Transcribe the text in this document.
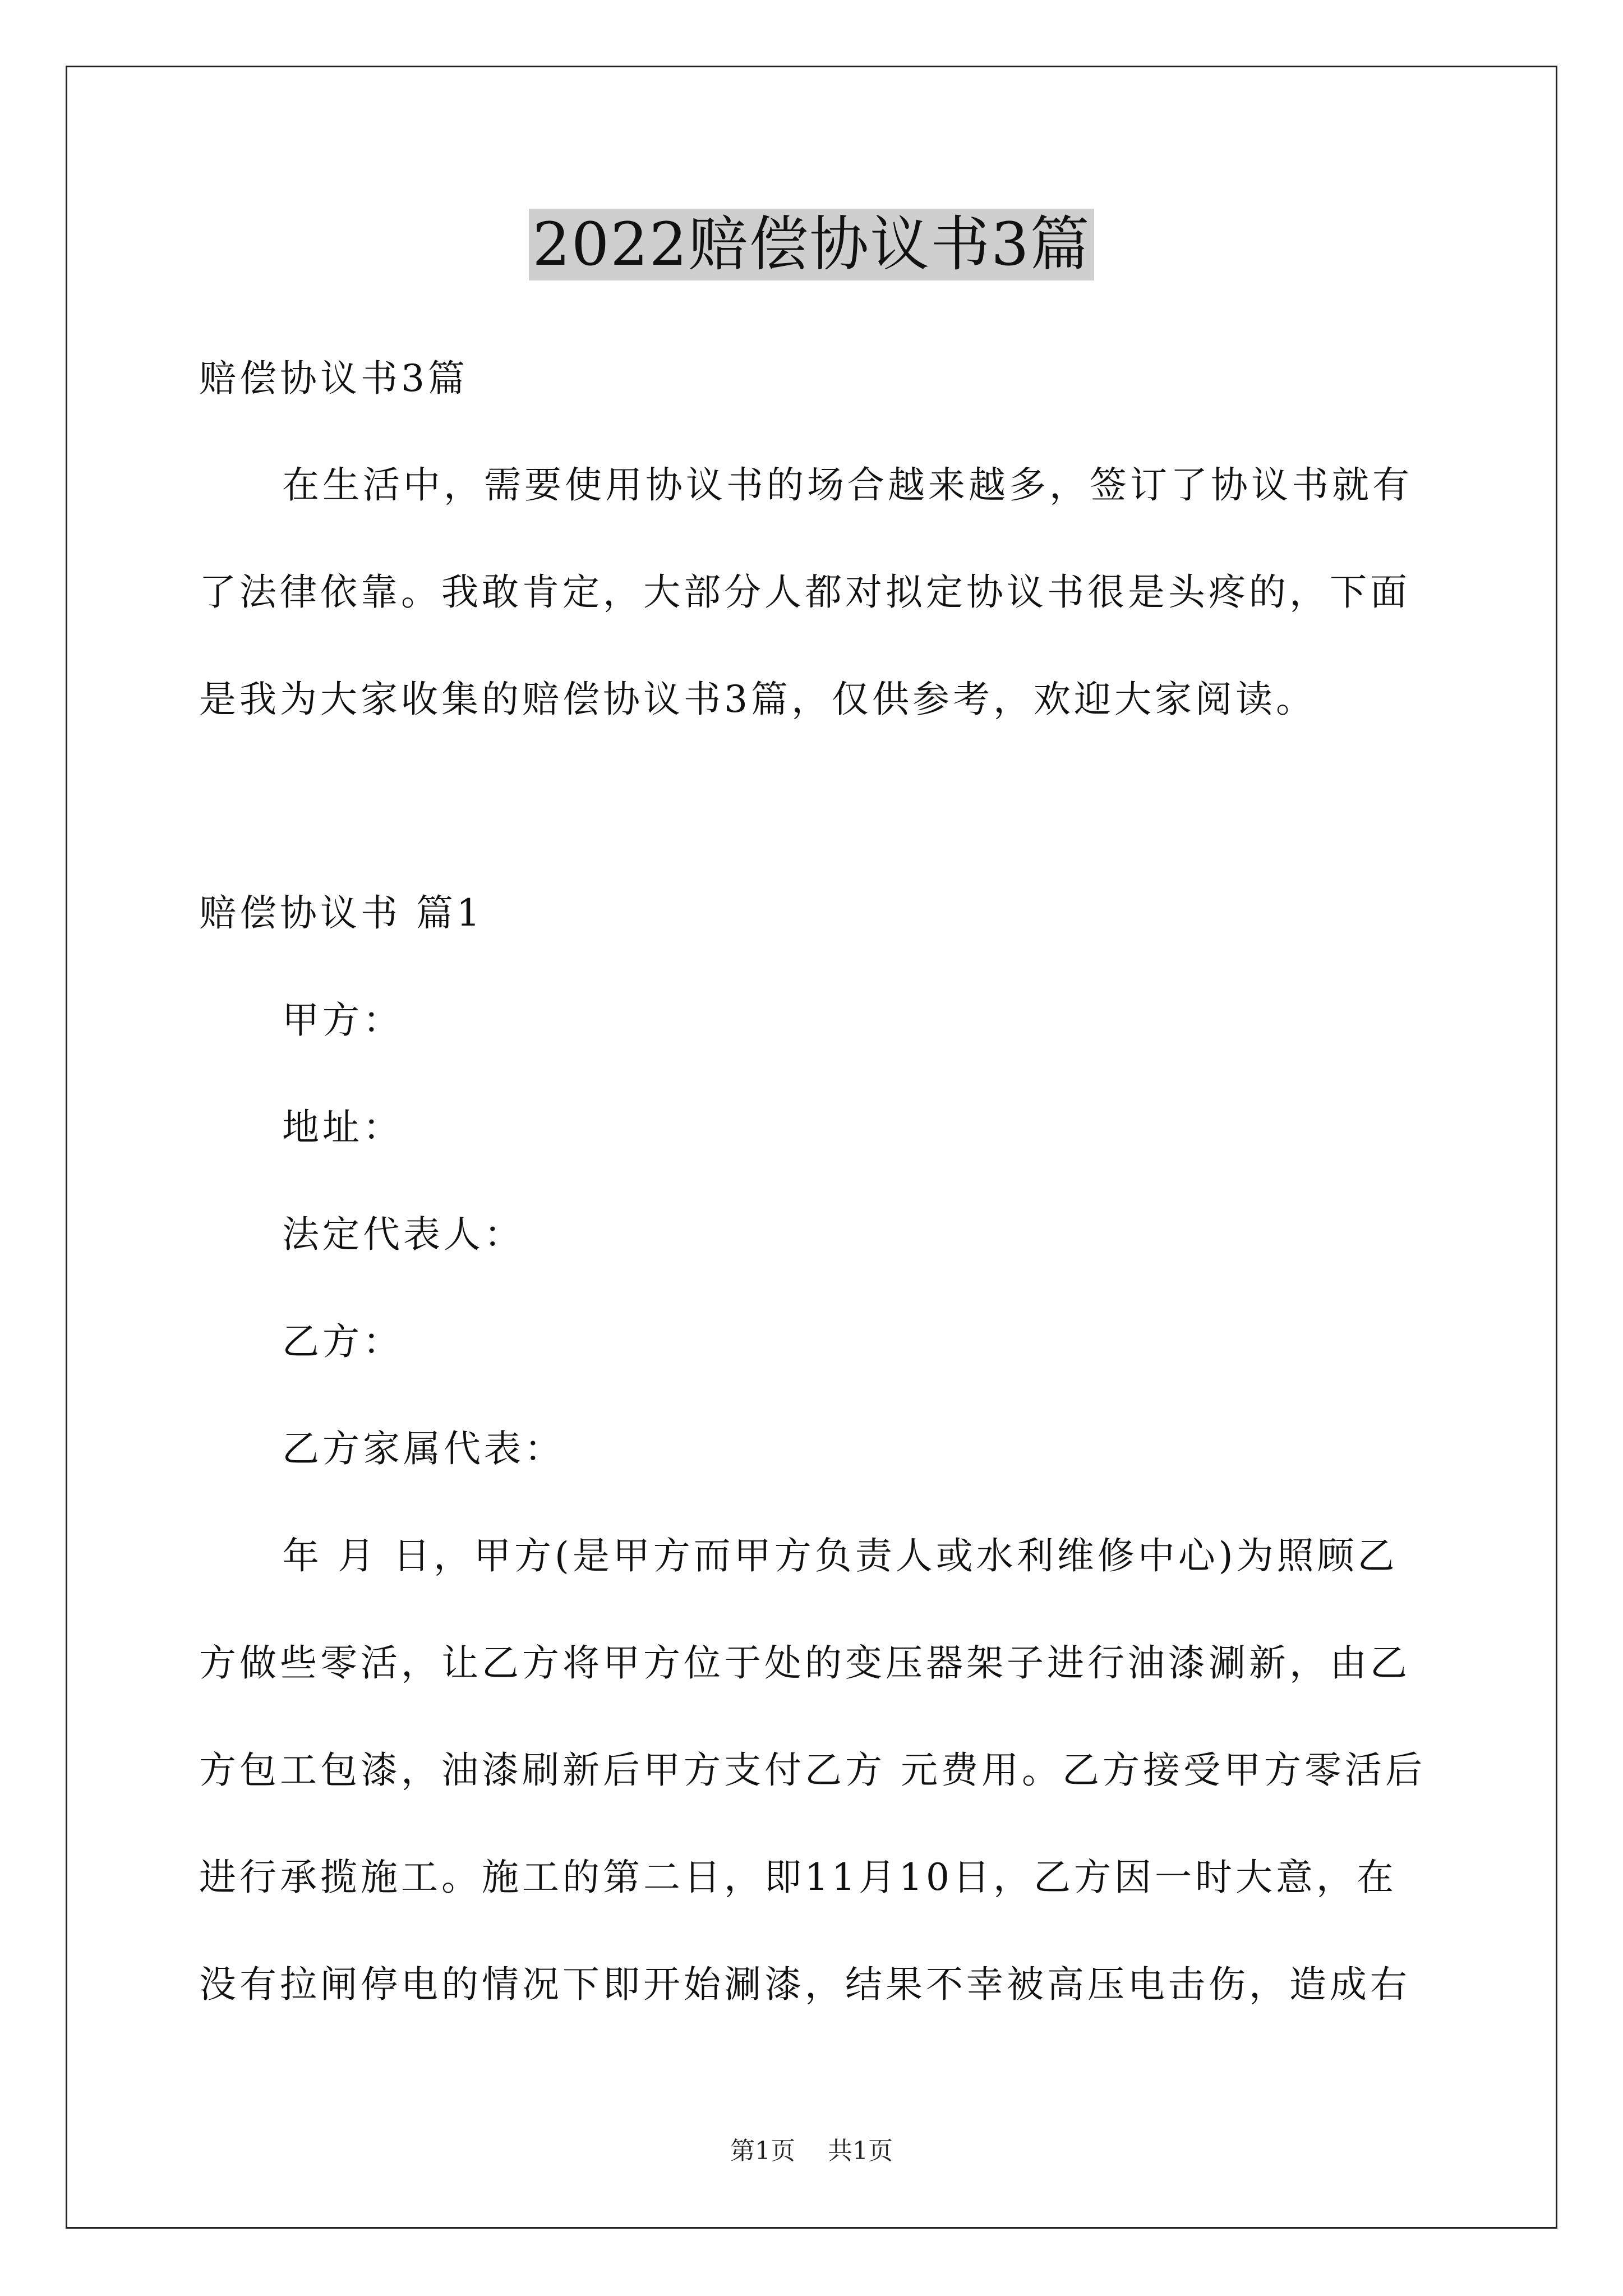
2022赔偿协议书3篇
赔偿协议书3篇
在生活中，需要使用协议书的场合越来越多，签订了协议书就有
了法律依靠。我敢肯定，大部分人都对拟定协议书很是头疼的，下面
是我为大家收集的赔偿协议书3篇，仅供参考，欢迎大家阅读。
赔偿协议书 篇1
甲方：
地址：
法定代表人：
乙方：
乙方家属代表：
年 月 日，甲方(是甲方而甲方负责人或水利维修中心)为照顾乙
方做些零活，让乙方将甲方位于处的变压器架子进行油漆涮新，由乙
方包工包漆，油漆刷新后甲方支付乙方 元费用。乙方接受甲方零活后
进行承揽施工。施工的第二日，即11月10日，乙方因一时大意，在
没有拉闸停电的情况下即开始涮漆，结果不幸被高压电击伤，造成右
第1页 共1页
